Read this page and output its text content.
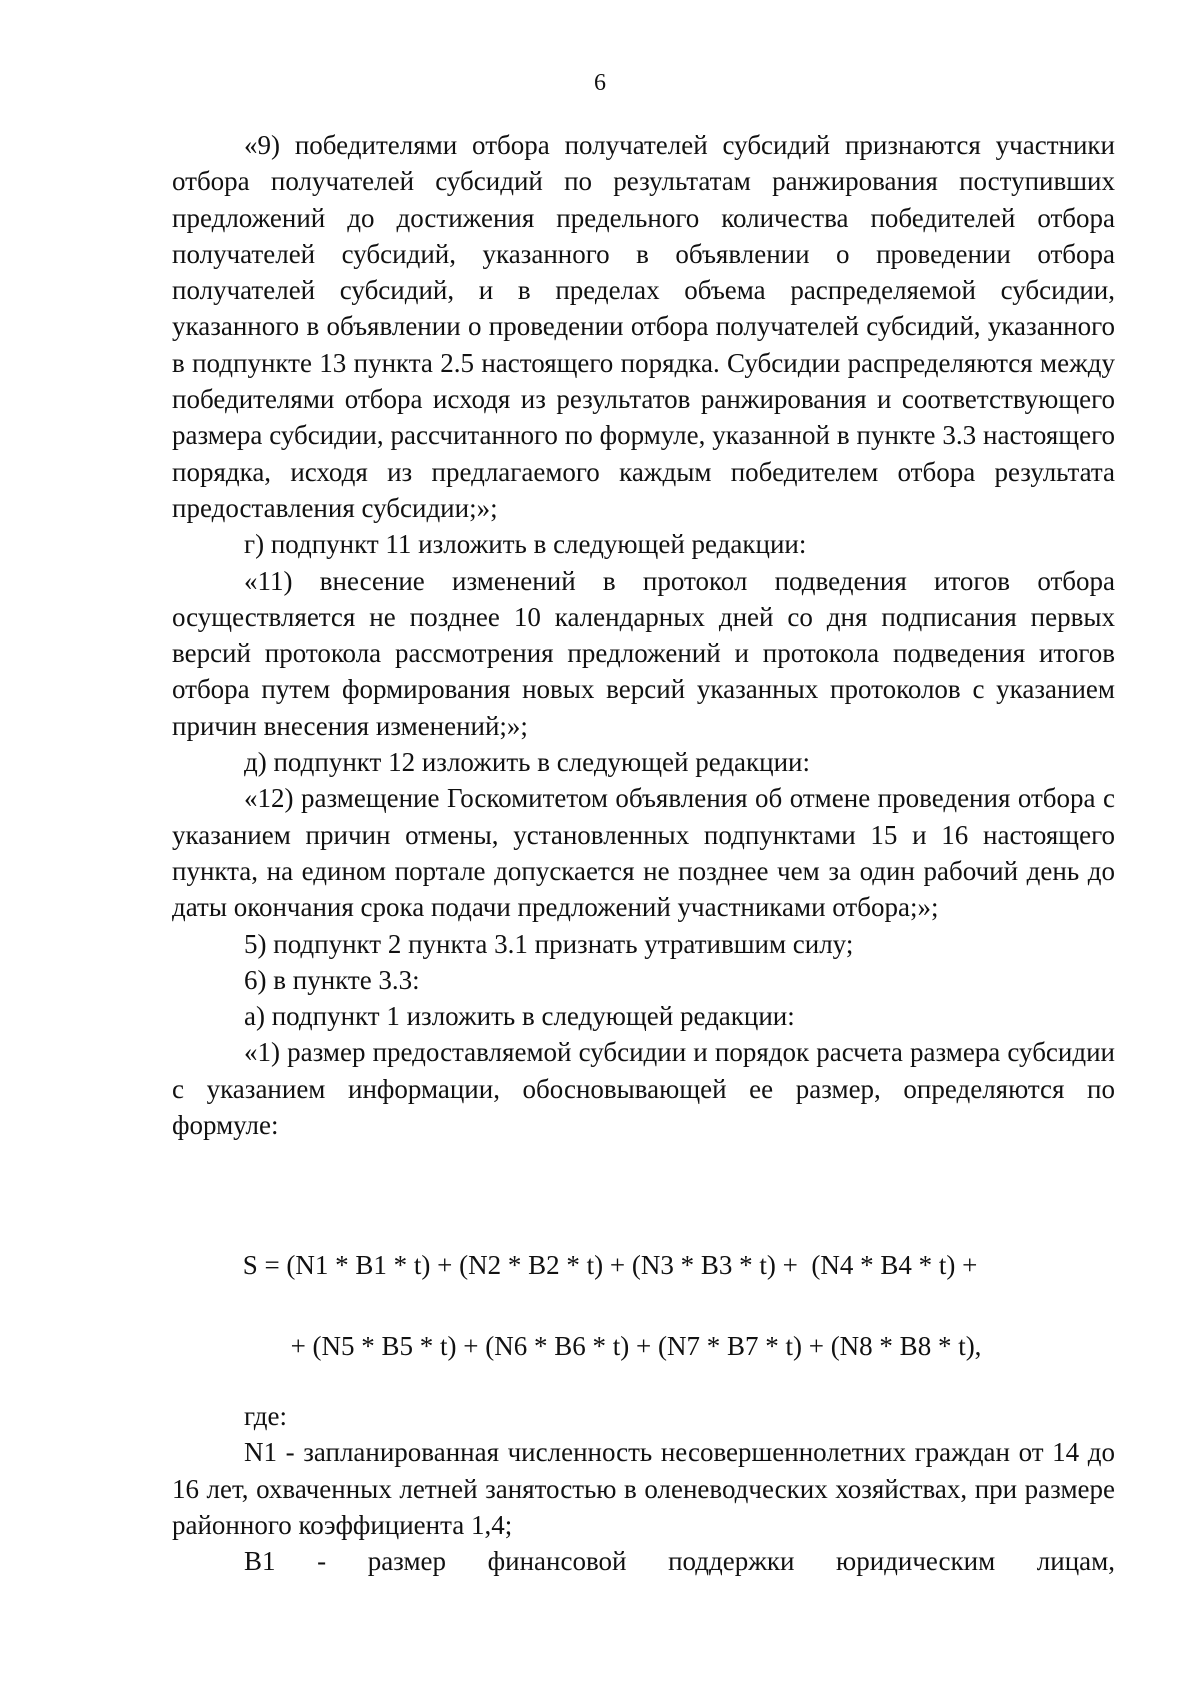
6

«9) победителями отбора получателей субсидий признаются участники отбора получателей субсидий по результатам ранжирования поступивших предложений до достижения предельного количества победителей отбора получателей субсидий, указанного в объявлении о проведении отбора получателей субсидий, и в пределах объема распределяемой субсидии, указанного в объявлении о проведении отбора получателей субсидий, указанного в подпункте 13 пункта 2.5 настоящего порядка. Субсидии распределяются между победителями отбора исходя из результатов ранжирования и соответствующего размера субсидии, рассчитанного по формуле, указанной в пункте 3.3 настоящего порядка, исходя из предлагаемого каждым победителем отбора результата предоставления субсидии;»;

г) подпункт 11 изложить в следующей редакции:

«11) внесение изменений в протокол подведения итогов отбора осуществляется не позднее 10 календарных дней со дня подписания первых версий протокола рассмотрения предложений и протокола подведения итогов отбора путем формирования новых версий указанных протоколов с указанием причин внесения изменений;»;

д) подпункт 12 изложить в следующей редакции:

«12) размещение Госкомитетом объявления об отмене проведения отбора с указанием причин отмены, установленных подпунктами 15 и 16 настоящего пункта, на едином портале допускается не позднее чем за один рабочий день до даты окончания срока подачи предложений участниками отбора;»;

5) подпункт 2 пункта 3.1 признать утратившим силу;

6) в пункте 3.3:

а) подпункт 1 изложить в следующей редакции:

«1) размер предоставляемой субсидии и порядок расчета размера субсидии с указанием информации, обосновывающей ее размер, определяются по формуле:

S = (N1 * B1 * t) + (N2 * B2 * t) + (N3 * B3 * t) +  (N4 * B4 * t) +
+ (N5 * B5 * t) + (N6 * B6 * t) + (N7 * B7 * t) + (N8 * B8 * t),

где:

N1 - запланированная численность несовершеннолетних граждан от 14 до 16 лет, охваченных летней занятостью в оленеводческих хозяйствах, при размере районного коэффициента 1,4;

B1 - размер финансовой поддержки юридическим лицам,
